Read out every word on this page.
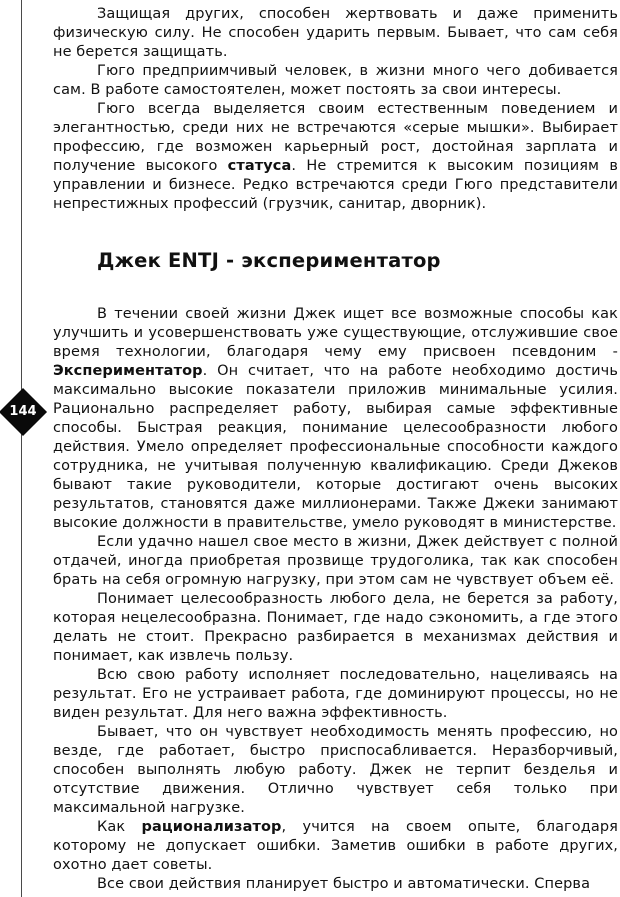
144

Защищая других, способен жертвовать и даже применить физическую силу. Не способен ударить первым. Бывает, что сам себя не берется защищать.

Гюго предприимчивый человек, в жизни много чего добивается сам. В работе самостоятелен, может постоять за свои интересы.

Гюго всегда выделяется своим естественным поведением и элегантностью, среди них не встречаются «серые мышки». Выбирает профессию, где возможен карьерный рост, достойная зарплата и получение высокого статуса. Не стремится к высоким позициям в управлении и бизнесе. Редко встречаются среди Гюго представители непрестижных профессий (грузчик, санитар, дворник).

Джек ENTJ - экспериментатор

В течении своей жизни Джек ищет все возможные способы как улучшить и усовершенствовать уже существующие, отслужившие свое время технологии, благодаря чему ему присвоен псевдоним - Экспериментатор. Он считает, что на работе необходимо достичь максимально высокие показатели приложив минимальные усилия. Рационально распределяет работу, выбирая самые эффективные способы. Быстрая реакция, понимание целесообразности любого действия. Умело определяет профессиональные способности каждого сотрудника, не учитывая полученную квалификацию. Среди Джеков бывают такие руководители, которые достигают очень высоких результатов, становятся даже миллионерами. Также Джеки занимают высокие должности в правительстве, умело руководят в министерстве.

Если удачно нашел свое место в жизни, Джек действует с полной отдачей, иногда приобретая прозвище трудоголика, так как способен брать на себя огромную нагрузку, при этом сам не чувствует объем её.

Понимает целесообразность любого дела, не берется за работу, которая нецелесообразна. Понимает, где надо сэкономить, а где этого делать не стоит. Прекрасно разбирается в механизмах действия и понимает, как извлечь пользу.

Всю свою работу исполняет последовательно, нацеливаясь на результат. Его не устраивает работа, где доминируют процессы, но не виден результат. Для него важна эффективность.

Бывает, что он чувствует необходимость менять профессию, но везде, где работает, быстро приспосабливается. Неразборчивый, способен выполнять любую работу. Джек не терпит безделья и отсутствие движения. Отлично чувствует себя только при максимальной нагрузке.

Как рационализатор, учится на своем опыте, благодаря которому не допускает ошибки. Заметив ошибки в работе других, охотно дает советы.

Все свои действия планирует быстро и автоматически. Сперва
